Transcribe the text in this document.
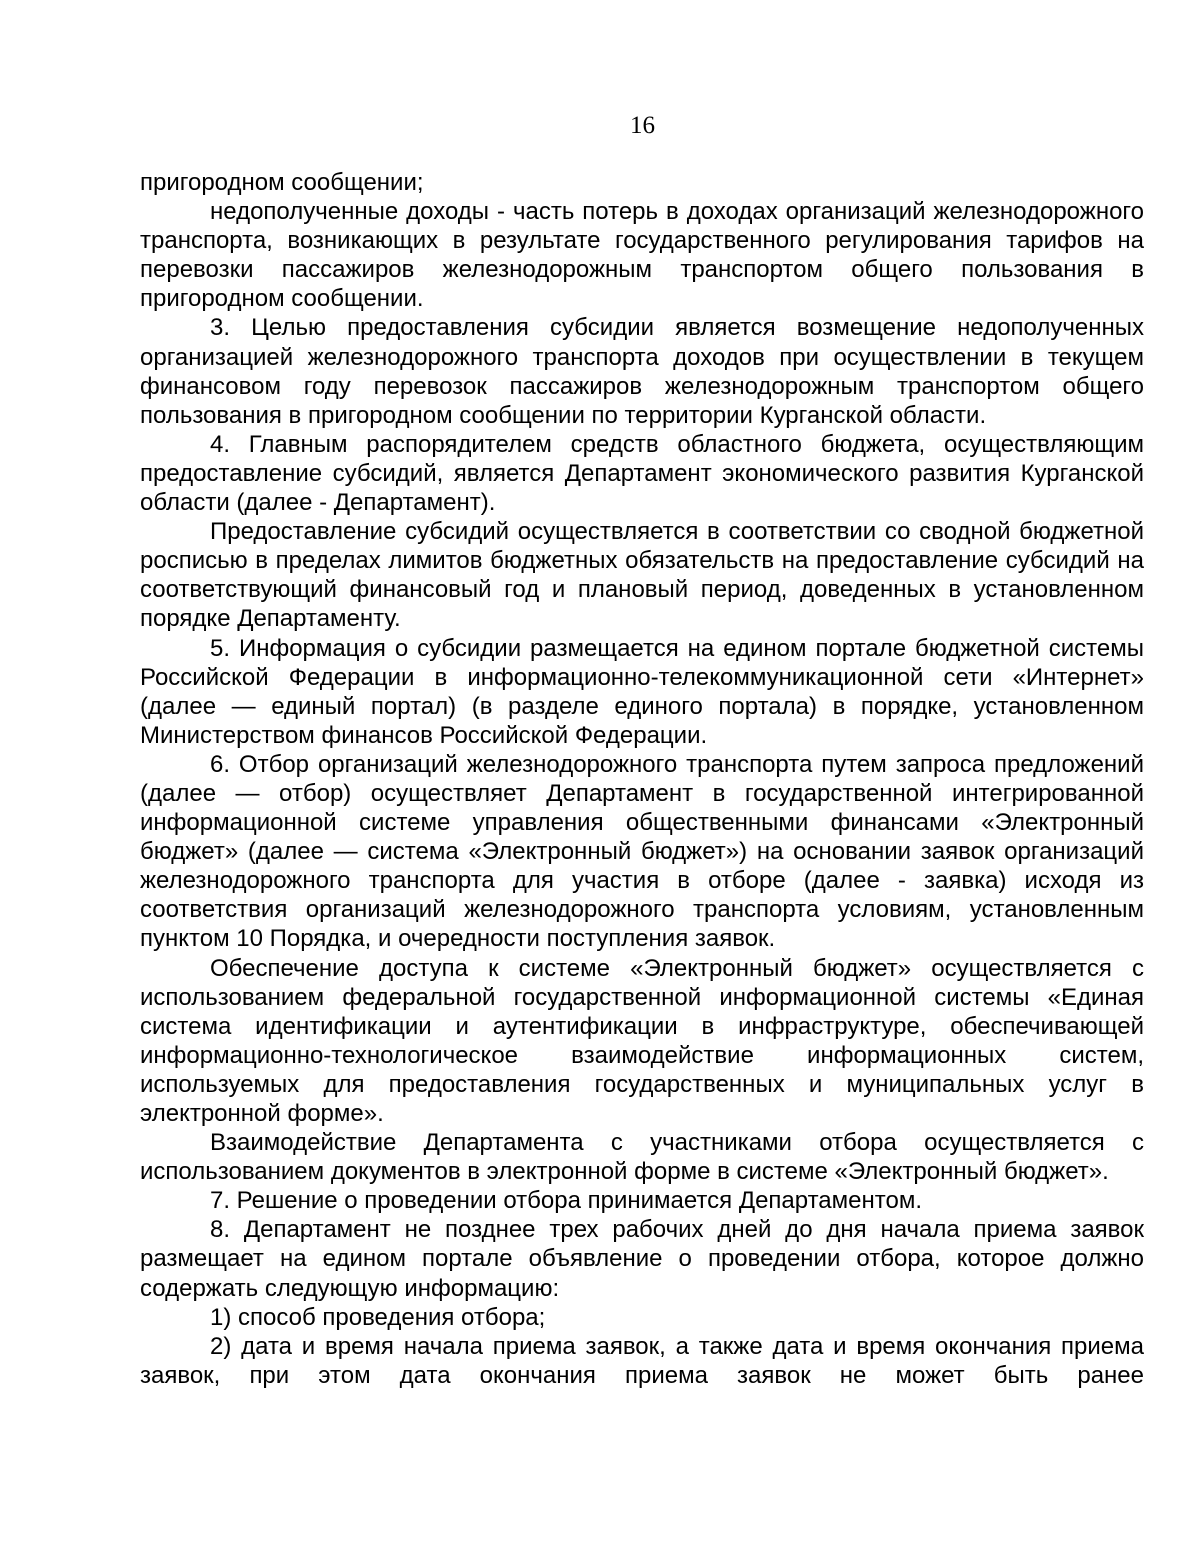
16

пригородном сообщении;

недополученные доходы - часть потерь в доходах организаций железнодорожного транспорта, возникающих в результате государственного регулирования тарифов на перевозки пассажиров железнодорожным транспортом общего пользования в пригородном сообщении.

3. Целью предоставления субсидии является возмещение недополученных организацией железнодорожного транспорта доходов при осуществлении в текущем финансовом году перевозок пассажиров железнодорожным транспортом общего пользования в пригородном сообщении по территории Курганской области.

4. Главным распорядителем средств областного бюджета, осуществляющим предоставление субсидий, является Департамент экономического развития Курганской области (далее - Департамент).

Предоставление субсидий осуществляется в соответствии со сводной бюджетной росписью в пределах лимитов бюджетных обязательств на предоставление субсидий на соответствующий финансовый год и плановый период, доведенных в установленном порядке Департаменту.

5. Информация о субсидии размещается на едином портале бюджетной системы Российской Федерации в информационно-телекоммуникационной сети «Интернет» (далее — единый портал) (в разделе единого портала) в порядке, установленном Министерством финансов Российской Федерации.

6. Отбор организаций железнодорожного транспорта путем запроса предложений (далее — отбор) осуществляет Департамент в государственной интегрированной информационной системе управления общественными финансами «Электронный бюджет» (далее — система «Электронный бюджет») на основании заявок организаций железнодорожного транспорта для участия в отборе (далее - заявка) исходя из соответствия организаций железнодорожного транспорта условиям, установленным пунктом 10 Порядка, и очередности поступления заявок.

Обеспечение доступа к системе «Электронный бюджет» осуществляется с использованием федеральной государственной информационной системы «Единая система идентификации и аутентификации в инфраструктуре, обеспечивающей информационно-технологическое взаимодействие информационных систем, используемых для предоставления государственных и муниципальных услуг в электронной форме».

Взаимодействие Департамента с участниками отбора осуществляется с использованием документов в электронной форме в системе «Электронный бюджет».

7. Решение о проведении отбора принимается Департаментом.

8. Департамент не позднее трех рабочих дней до дня начала приема заявок размещает на едином портале объявление о проведении отбора, которое должно содержать следующую информацию:

1) способ проведения отбора;

2) дата и время начала приема заявок, а также дата и время окончания приема заявок, при этом дата окончания приема заявок не может быть ранее
